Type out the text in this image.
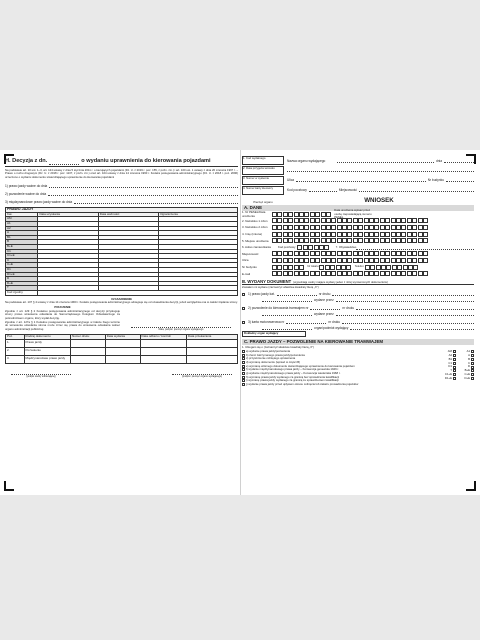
H. Decyzja z dn.	o wydaniu uprawnienia do kierowania pojazdami
Na podstawie art. 10 ust. 1–3, art. 124 ustawy z dnia 5 stycznia 2011 r. o kierujących pojazdami (Dz. U. z 2019 r. poz. 155, z późn. zm.) i art. 100 ust. 1 ustawy z dnia 20 czerwca 1997 r. – Prawo o ruchu drogowym (Dz. U. z 2018 r. poz. 1137, z późn. zm.) oraz art. 104 ustawy z dnia 14 czerwca 1960 r. Kodeks postępowania administracyjnego (Dz. U. z 2018 r. poz. 2096) orzeczono o wydaniu dokumentu stwierdzającego uprawnienie do kierowania pojazdami
1) prawo jazdy ważne do dnia
2) pozwolenie ważne do dnia
3) międzynarodowe prawo jazdy ważne do dnia
PRAWO JAZDY			
Kat.	Data uzyskania	Data ważności	Ograniczenia
AM			
A1			
A2			
A			
B1			
B			
B+E			
C1			
C1+E			
C			
C+E			
D1			
D1+E			
D			
D+E			
T			
Kod zgodny			
UZASADNIENIE
Na podstawie art. 107 § 4 ustawy z dnia 14 czerwca 1960 r. Kodeks postępowania administracyjnego odstępuje się od uzasadnienia decyzji, jeżeli uwzględnia ona w całości żądanie strony.
POUCZENIE
Zgodnie z art. 129 § 2 Kodeksu postępowania administracyjnego od decyzji przysługuje strony prawo wniesienia odwołania do Samorządowego Kolegium Odwoławczego za pośrednictwem organu, który wydał decyzję.
Zgodnie z art. 127a § 1 Kodeksu postępowania administracyjnego w trakcie biegu terminu do wniesienia odwołania strona może zrzec się prawa do wniesienia odwołania wobec organu administracji publicznej.	Data, podpis i pieczęć organu wydającego
Poz.	Rodzaj dokumentu	Numer druku	Data wydania	Data odbioru / kontroli	Data przekazania
1.	Prawo jazdy				
2.	Pozwolenie				
3.	Międzynarodowe prawo jazdy				
(podpis osoby odbierającej)	(podpis i pieczęć organu wydającego)
1. Kod wydatnego
2. Data przyjęcia wniosku
3. Numer w systemie
4. Numer karty kierowcy
Nazwa organu wydającego	dnia
Ulica	Nr budynku
Kod pocztowy	Miejscowość
Pieczęć organu	WNIOSEK
A. DANE
1. Nr PESEL/Data urodzenia
Data urodzenia wpisać przez osobę nieposiadającą numeru PESEL
2. Nazwisko 1 człon
3. Nazwisko 2 człon
4. Imię (imiona)
5. Miejsce urodzenia
6. Adres zamieszkania	Kod pocztowy	7. Obywatelstwo
Miejscowość
Ulica
Nr budynku	Nr lokalu	Telefon
E-mail
B. WYDANY DOKUMENT (wypełniają osoby mające wydany jeden z niżej wymienionych dokumentów)
Zostałem mi wydane (zaznaczyć właściwe kwadraty literą „X”)
1) prawo jazdy kat.	nr druku
wydane przez
2) pozwolenie do kierowania tramwajem nr	nr druku
wydane przez
3) karta motorowerowa nr	nr druku
organ/podmiot wydający
Dokładny organ wydający
C. PRAWO JAZDY – POZWOLENIE NA KIEROWANIE TRAMWAJEM
1. Ubiegam się o (zaznaczyć właściwe kwadraty literą „X”)
a) wydanie prawa jazdy/pozwolenia
b) zwrot zatrzymanego prawa jazdy/pozwolenia
c) przywrócenie cofniętego uprawnienia
d) wymianę dokumentu (wpisać w części B)
e) wymianę wtórnego dokumentu stwierdzającego uprawnienie do kierowania pojazdem
f) wydanie międzynarodowego prawa jazdy – Konwencja genewska 1949 r.
g) wydanie międzynarodowego prawa jazdy – Konwencja wiedeńska 1968 r.
h) wymianę prawa jazdy wydanego za granicą bez sprawdzenia kwalifikacji
i) wymianę prawa jazdy wydanego za granicą ze sprawdzeniem kwalifikacji
j) wydanie prawa jazdy przed upływem okresu cofnięcia lub zakazu prowadzenia pojazdów
AM	A1
A2	A
B1	B
C1	C
D1	D
T	B+E
C1+E	C+E
D1+E	D+E
